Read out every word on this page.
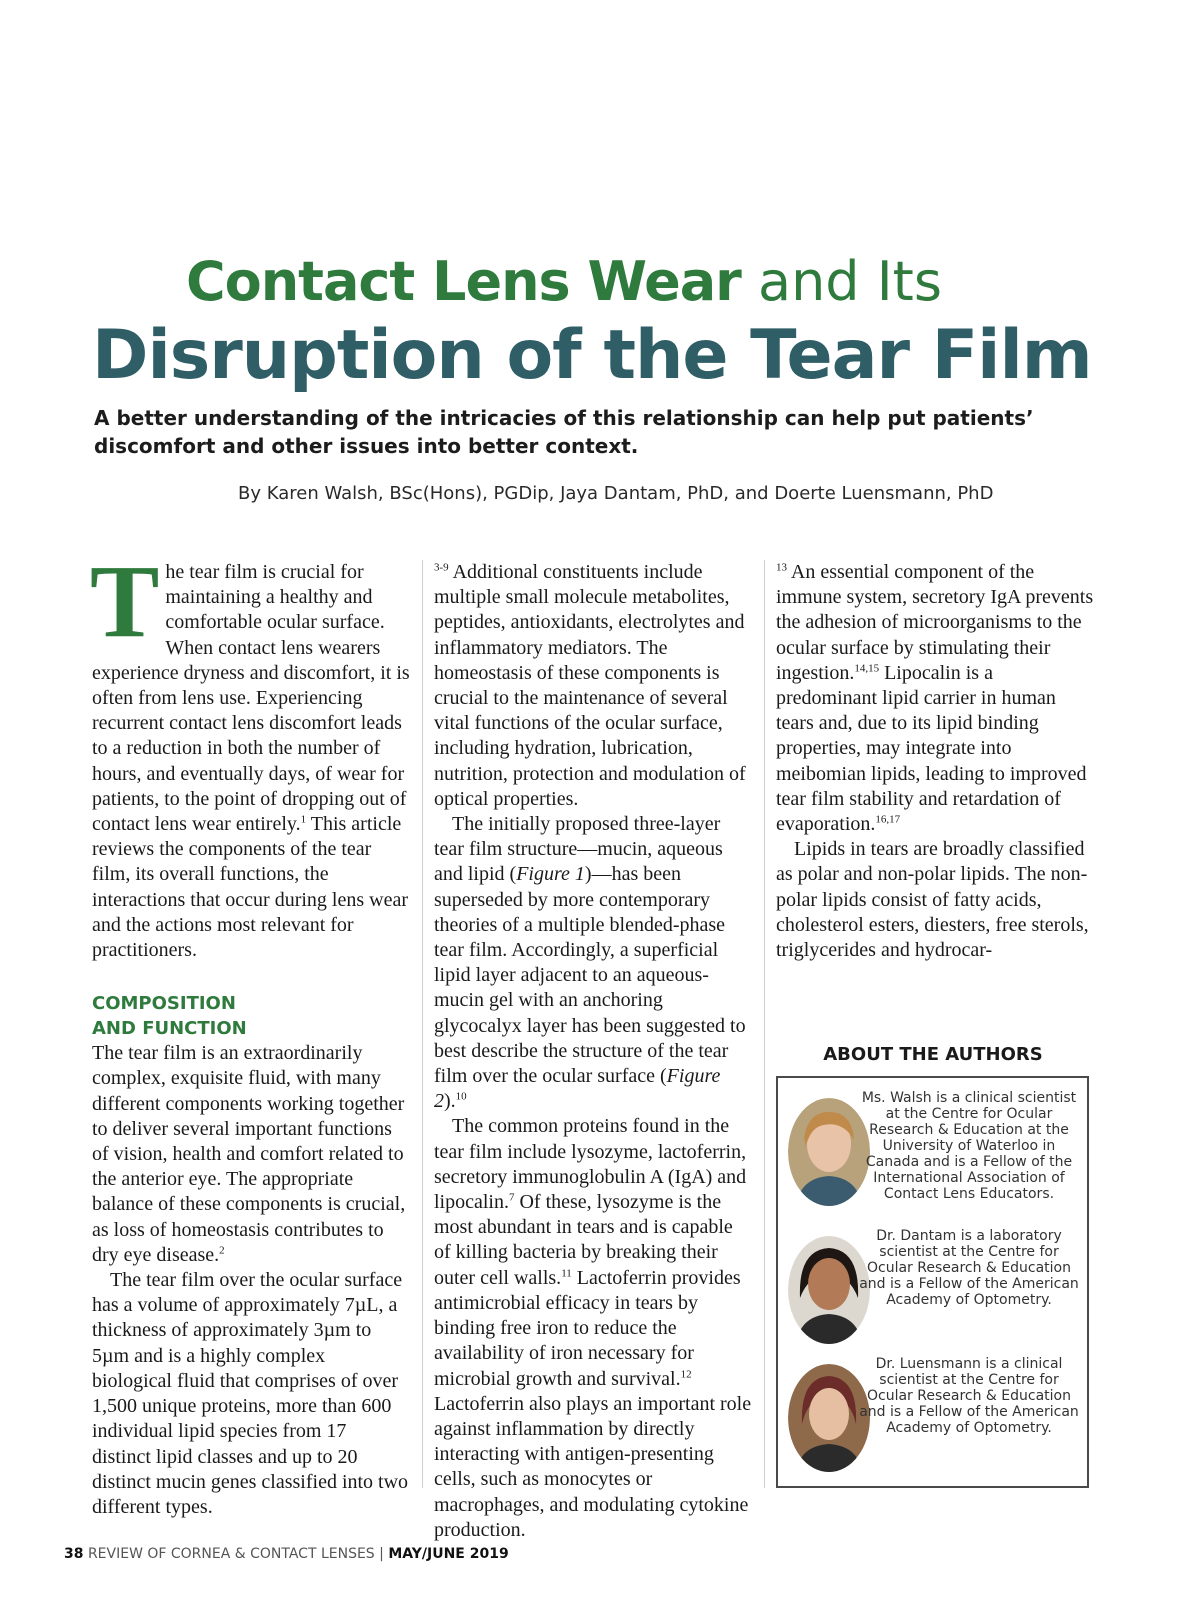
Contact Lens Wear and Its
Disruption of the Tear Film
A better understanding of the intricacies of this relationship can help put patients’ discomfort and other issues into better context.
By Karen Walsh, BSc(Hons), PGDip, Jaya Dantam, PhD, and Doerte Luensmann, PhD

The tear film is crucial for maintaining a healthy and comfortable ocular surface. When contact lens wearers experience dryness and discomfort, it is often from lens use. Experiencing recurrent contact lens discomfort leads to a reduction in both the number of hours, and eventually days, of wear for patients, to the point of dropping out of contact lens wear entirely.$^1$ This article reviews the components of the tear film, its overall functions, the interactions that occur during lens wear and the actions most relevant for practitioners.

COMPOSITION
AND FUNCTION

The tear film is an extraordinarily complex, exquisite fluid, with many different components working together to deliver several important functions of vision, health and comfort related to the anterior eye. The appropriate balance of these components is crucial, as loss of homeostasis contributes to dry eye disease.$^2$

The tear film over the ocular surface has a volume of approximately 7µL, a thickness of approximately 3µm to 5µm and is a highly complex biological fluid that comprises of over 1,500 unique proteins, more than 600 individual lipid species from 17 distinct lipid classes and up to 20 distinct mucin genes classified into two different types.

$^{3-9}$ Additional constituents include multiple small molecule metabolites, peptides, antioxidants, electrolytes and inflammatory mediators. The homeostasis of these components is crucial to the maintenance of several vital functions of the ocular surface, including hydration, lubrication, nutrition, protection and modulation of optical properties.

The initially proposed three-layer tear film structure—mucin, aqueous and lipid (Figure 1)—has been superseded by more contemporary theories of a multiple blended-phase tear film. Accordingly, a superficial lipid layer adjacent to an aqueous-mucin gel with an anchoring glycocalyx layer has been suggested to best describe the structure of the tear film over the ocular surface (Figure 2).$^{10}$

The common proteins found in the tear film include lysozyme, lactoferrin, secretory immunoglobulin A (IgA) and lipocalin.$^7$ Of these, lysozyme is the most abundant in tears and is capable of killing bacteria by breaking their outer cell walls.$^{11}$ Lactoferrin provides antimicrobial efficacy in tears by binding free iron to reduce the availability of iron necessary for microbial growth and survival.$^{12}$ Lactoferrin also plays an important role against inflammation by directly interacting with antigen-presenting cells, such as monocytes or macrophages, and modulating cytokine production.

$^{13}$ An essential component of the immune system, secretory IgA prevents the adhesion of microorganisms to the ocular surface by stimulating their ingestion.$^{14,15}$ Lipocalin is a predominant lipid carrier in human tears and, due to its lipid binding properties, may integrate into meibomian lipids, leading to improved tear film stability and retardation of evaporation.$^{16,17}$

Lipids in tears are broadly classified as polar and non-polar lipids. The non-polar lipids consist of fatty acids, cholesterol esters, diesters, free sterols, triglycerides and hydrocar-

ABOUT THE AUTHORS
Ms. Walsh is a clinical scientist at the Centre for Ocular Research & Education at the University of Waterloo in Canada and is a Fellow of the International Association of Contact Lens Educators.
Dr. Dantam is a laboratory scientist at the Centre for Ocular Research & Education and is a Fellow of the American Academy of Optometry.
Dr. Luensmann is a clinical scientist at the Centre for Ocular Research & Education and is a Fellow of the American Academy of Optometry.
38 REVIEW OF CORNEA & CONTACT LENSES | MAY/JUNE 2019
